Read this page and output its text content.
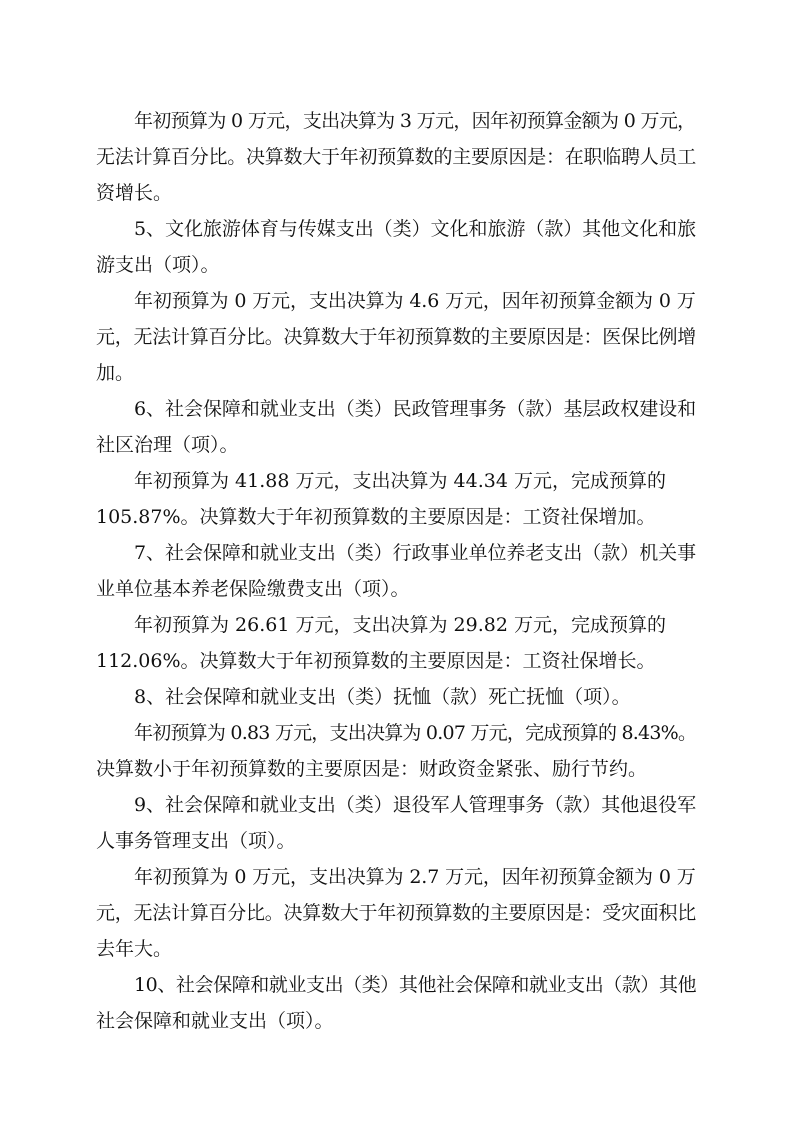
年初预算为 0 万元，支出决算为 3 万元，因年初预算金额为 0 万元，
无法计算百分比。决算数大于年初预算数的主要原因是：在职临聘人员工
资增长。
5、文化旅游体育与传媒支出（类）文化和旅游（款）其他文化和旅
游支出（项）。
年初预算为 0 万元，支出决算为 4.6 万元，因年初预算金额为 0 万
元，无法计算百分比。决算数大于年初预算数的主要原因是：医保比例增
加。
6、社会保障和就业支出（类）民政管理事务（款）基层政权建设和
社区治理（项）。
年初预算为 41.88 万元，支出决算为 44.34 万元，完成预算的
105.87%。决算数大于年初预算数的主要原因是：工资社保增加。
7、社会保障和就业支出（类）行政事业单位养老支出（款）机关事
业单位基本养老保险缴费支出（项）。
年初预算为 26.61 万元，支出决算为 29.82 万元，完成预算的
112.06%。决算数大于年初预算数的主要原因是：工资社保增长。
8、社会保障和就业支出（类）抚恤（款）死亡抚恤（项）。
年初预算为 0.83 万元，支出决算为 0.07 万元，完成预算的 8.43%。
决算数小于年初预算数的主要原因是：财政资金紧张、励行节约。
9、社会保障和就业支出（类）退役军人管理事务（款）其他退役军
人事务管理支出（项）。
年初预算为 0 万元，支出决算为 2.7 万元，因年初预算金额为 0 万
元，无法计算百分比。决算数大于年初预算数的主要原因是：受灾面积比
去年大。
10、社会保障和就业支出（类）其他社会保障和就业支出（款）其他
社会保障和就业支出（项）。
